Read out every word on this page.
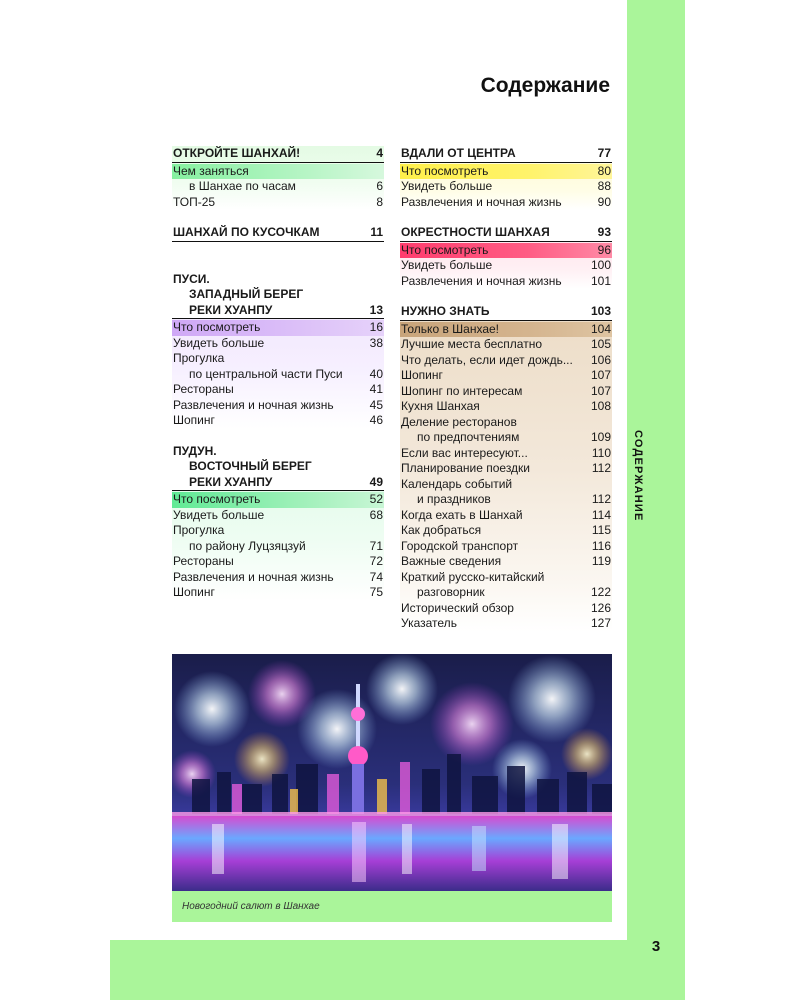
3
СОДЕРЖАНИЕ
Содержание
ОТКРОЙТЕ ШАНХАЙ!	4
Чем заняться
в Шанхае по часам	6
ТОП-25	8
ШАНХАЙ ПО КУСОЧКАМ	11
ПУСИ.
ЗАПАДНЫЙ БЕРЕГ
РЕКИ ХУАНПУ	13
Что посмотреть	16
Увидеть больше	38
Прогулка
по центральной части Пуси 40
Рестораны	41
Развлечения и ночная жизнь	45
Шопинг	46
ПУДУН.
ВОСТОЧНЫЙ БЕРЕГ
РЕКИ ХУАНПУ	49
Что посмотреть	52
Увидеть больше	68
Прогулка
по району Луцзяцзуй	71
Рестораны	72
Развлечения и ночная жизнь	74
Шопинг	75
ВДАЛИ ОТ ЦЕНТРА	77
Что посмотреть	80
Увидеть больше	88
Развлечения и ночная жизнь	90
ОКРЕСТНОСТИ ШАНХАЯ	93
Что посмотреть	96
Увидеть больше	100
Развлечения и ночная жизнь 101
НУЖНО ЗНАТЬ	103
Только в Шанхае!	104
Лучшие места бесплатно	105
Что делать, если идет дождь... 106
Шопинг	107
Шопинг по интересам	107
Кухня Шанхая	108
Деление ресторанов
по предпочтениям	109
Если вас интересуют...	110
Планирование поездки	112
Календарь событий
и праздников	112
Когда ехать в Шанхай	114
Как добраться	115
Городской транспорт	116
Важные сведения	119
Краткий русско-китайский
разговорник	122
Исторический обзор	126
Указатель	127
Новогодний салют в Шанхае
